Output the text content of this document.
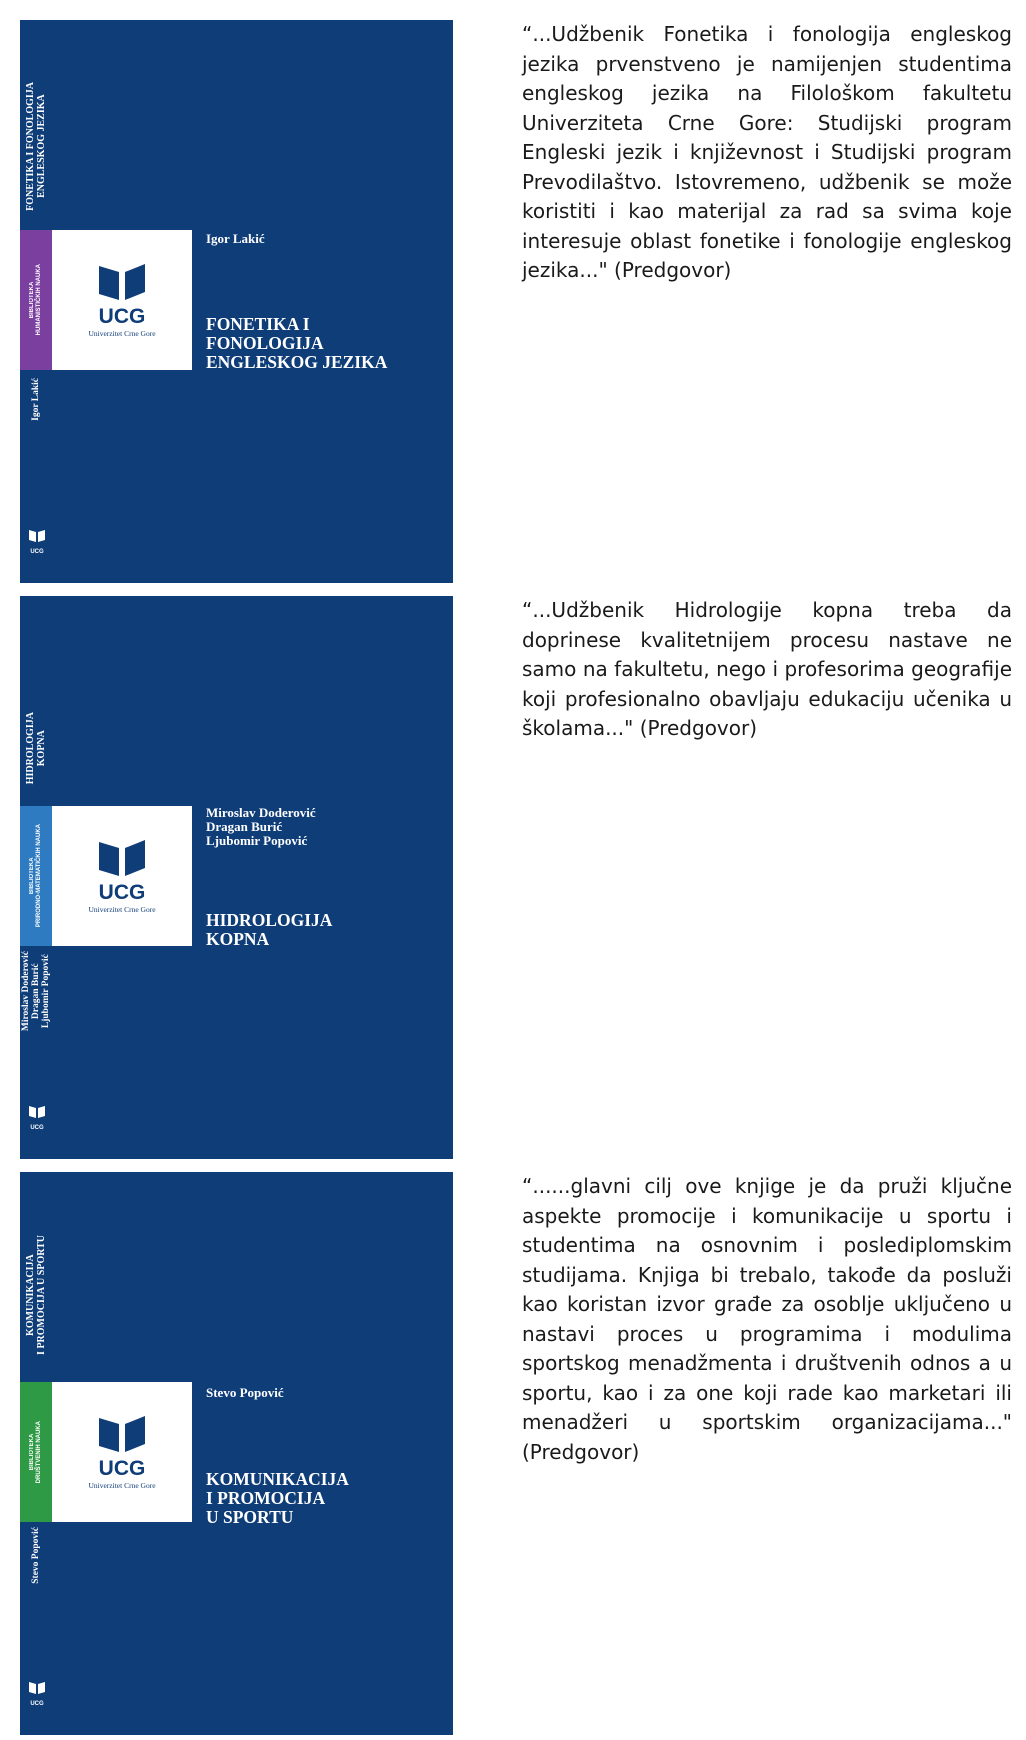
FONETIKA I FONOLOGIJA
ENGLESKOG JEZIKA
BIBLIOTEKA
HUMANISTIČKIH NAUKA
Igor Lakić
UCG
UCG
Univerzitet Crne Gore
Igor Lakić
FONETIKA I
FONOLOGIJA
ENGLESKOG JEZIKA

“...Udžbenik Fonetika i fonologija engleskog jezika prvenstveno je namijenjen studentima engleskog jezika na Filološkom fakultetu Univerziteta Crne Gore: Studijski program Engleski jezik i književnost i Studijski program Prevodilaštvo. Istovremeno, udžbenik se može koristiti i kao materijal za rad sa svima koje interesuje oblast fonetike i fonologije engleskog jezika..." (Predgovor)

HIDROLOGIJA
KOPNA
BIBLIOTEKA
PRIRODNO-MATEMATIČKIH NAUKA
Miroslav Doderović
Dragan Burić
Ljubomir Popović
UCG
UCG
Univerzitet Crne Gore
Miroslav Doderović
Dragan Burić
Ljubomir Popović
HIDROLOGIJA
KOPNA

“...Udžbenik Hidrologije kopna treba da doprinese kvalitetnijem procesu nastave ne samo na fakultetu, nego i profesorima geografije koji profesionalno obavljaju edukaciju učenika u školama..." (Predgovor)

KOMUNIKACIJA
I PROMOCIJA U SPORTU
BIBLIOTEKA
DRUŠTVENIH NAUKA
Stevo Popović
UCG
UCG
Univerzitet Crne Gore
Stevo Popović
KOMUNIKACIJA
I PROMOCIJA
U SPORTU

“......glavni cilj ove knjige je da pruži ključne aspekte promocije i komunikacije u sportu i studentima na osnovnim i poslediplomskim studijama. Knjiga bi trebalo, takođe da posluži kao koristan izvor građe za osoblje uključeno u nastavi proces u programima i modulima sportskog menadžmenta i društvenih odnos a u sportu, kao i za one koji rade kao marketari ili menadžeri u sportskim organizacijama..." (Predgovor)
